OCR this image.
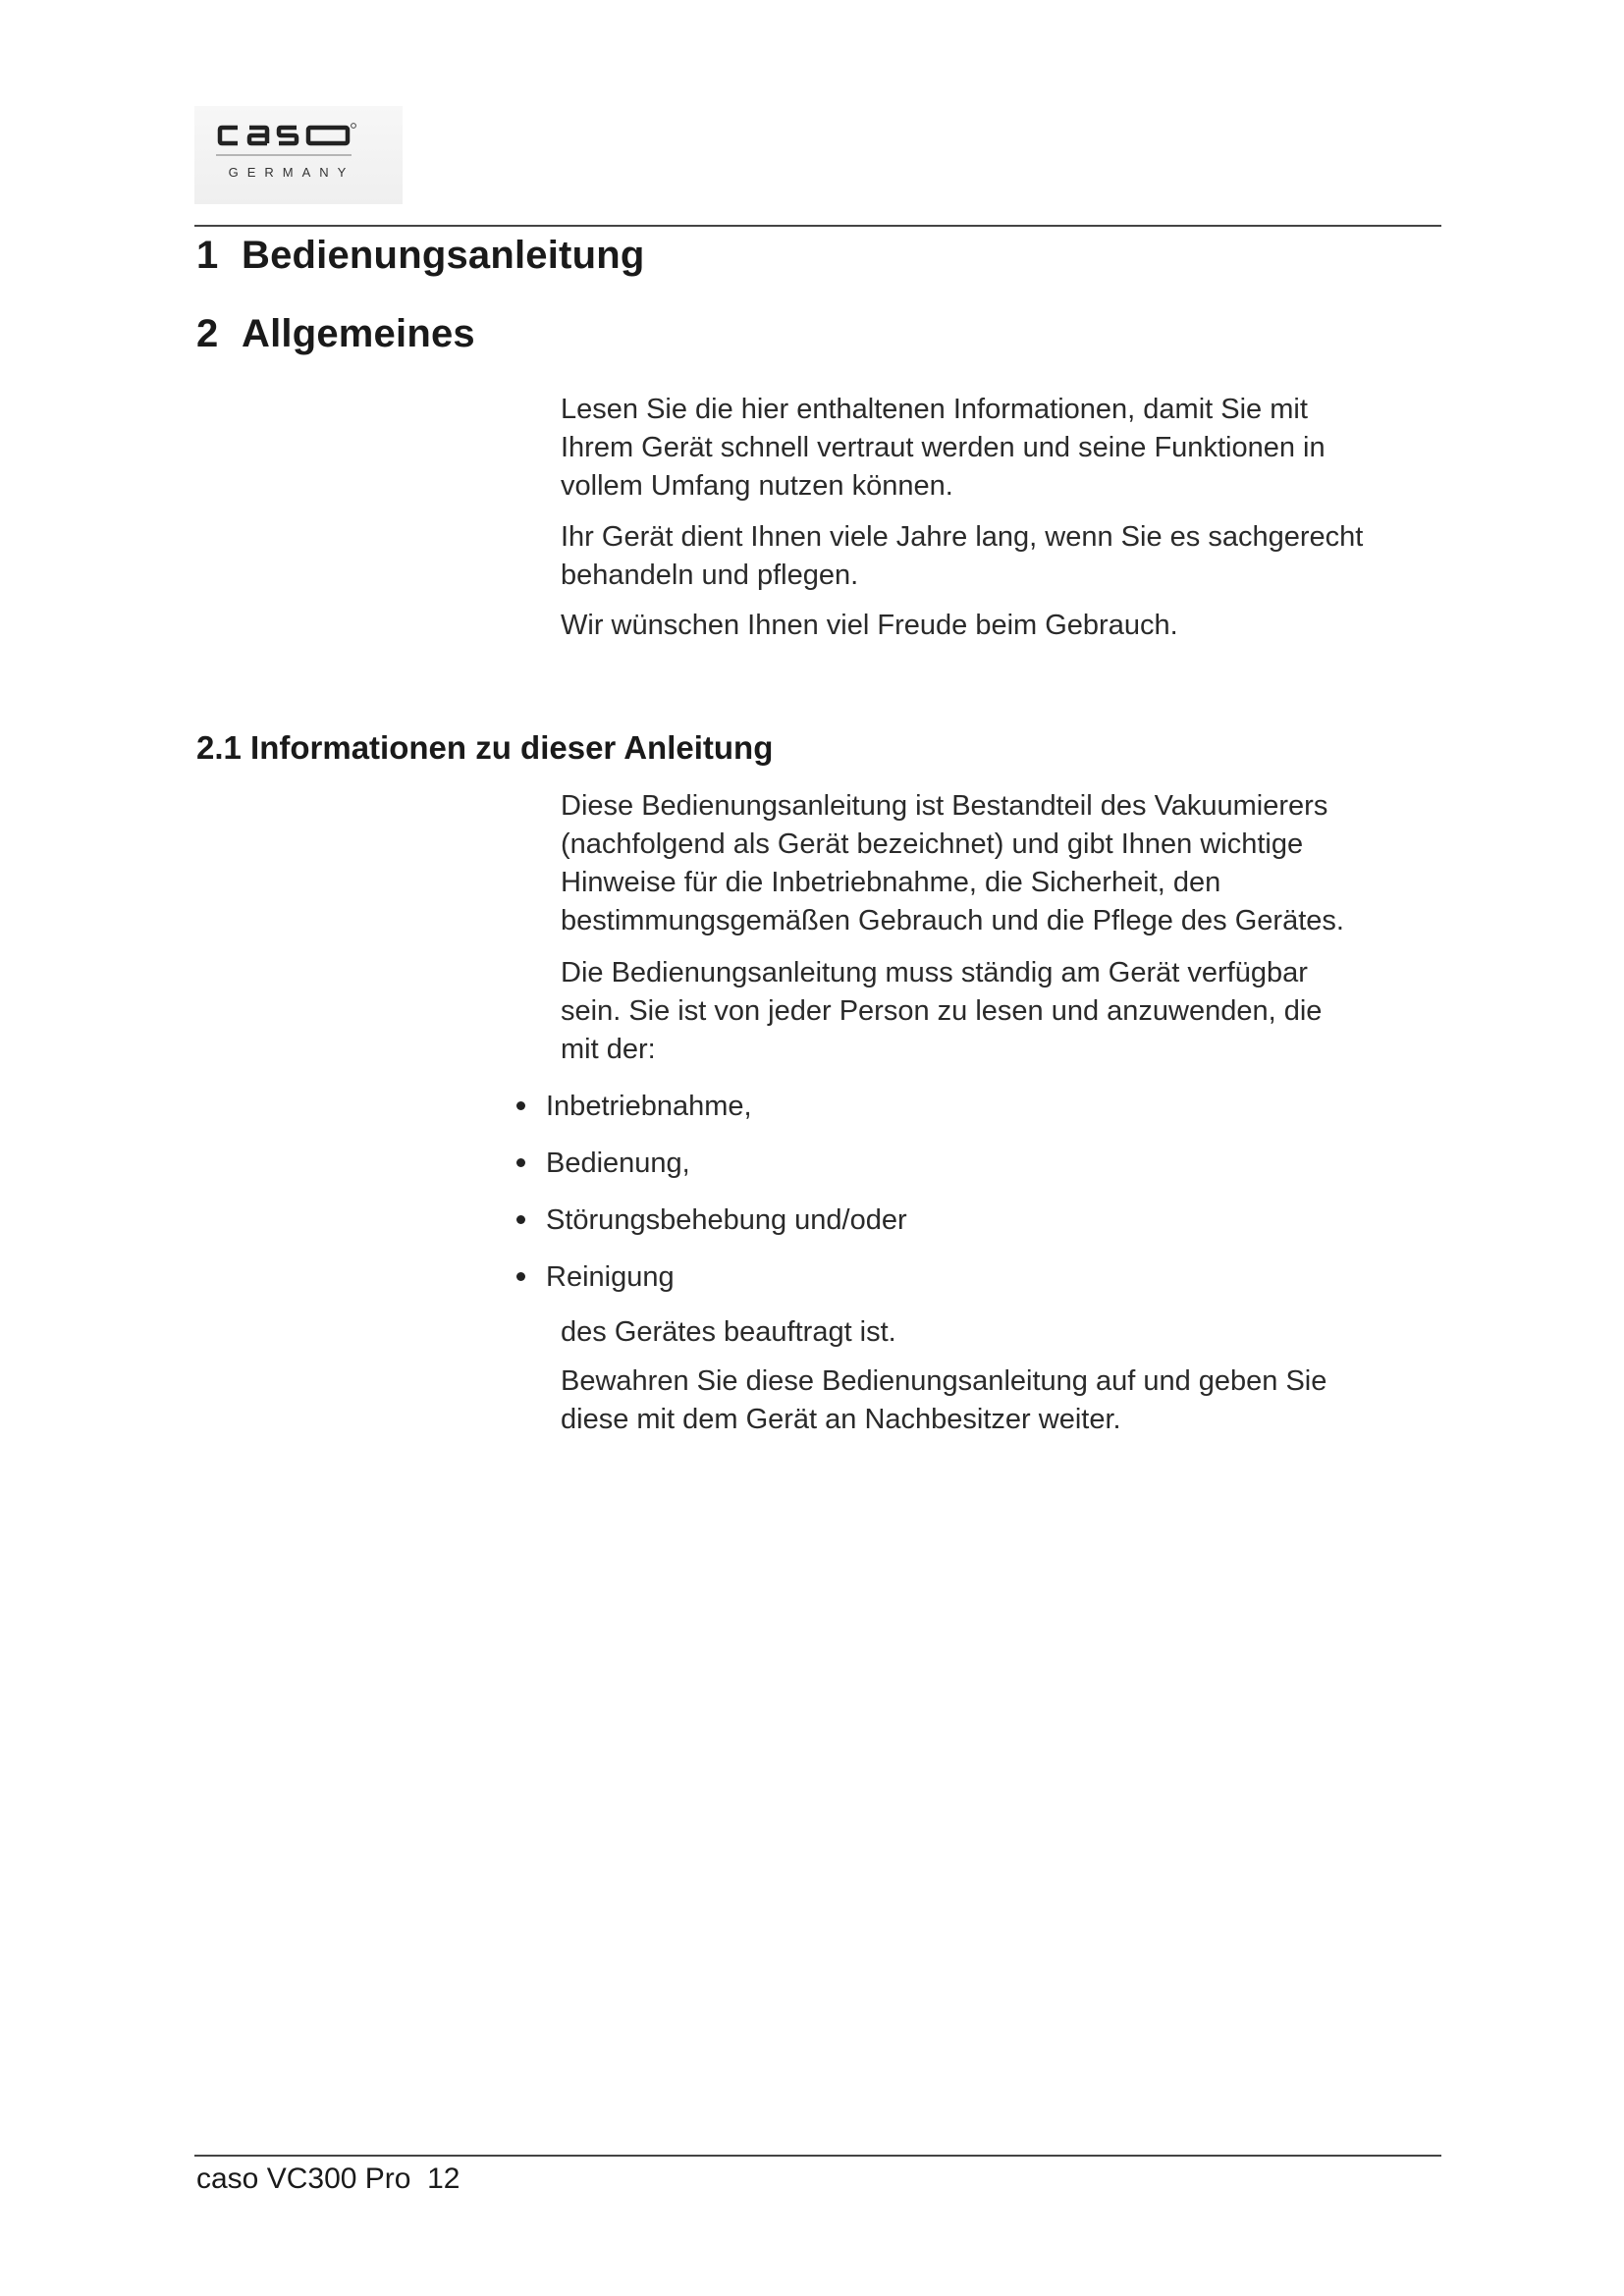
GERMANY
1 Bedienungsanleitung
2 Allgemeines

Lesen Sie die hier enthaltenen Informationen, damit Sie mit
Ihrem Gerät schnell vertraut werden und seine Funktionen in
vollem Umfang nutzen können.

Ihr Gerät dient Ihnen viele Jahre lang, wenn Sie es sachgerecht
behandeln und pflegen.

Wir wünschen Ihnen viel Freude beim Gebrauch.

2.1 Informationen zu dieser Anleitung

Diese Bedienungsanleitung ist Bestandteil des Vakuumierers
(nachfolgend als Gerät bezeichnet) und gibt Ihnen wichtige
Hinweise für die Inbetriebnahme, die Sicherheit, den
bestimmungsgemäßen Gebrauch und die Pflege des Gerätes.

Die Bedienungsanleitung muss ständig am Gerät verfügbar
sein. Sie ist von jeder Person zu lesen und anzuwenden, die
mit der:

Inbetriebnahme,
Bedienung,
Störungsbehebung und/oder
Reinigung

des Gerätes beauftragt ist.

Bewahren Sie diese Bedienungsanleitung auf und geben Sie
diese mit dem Gerät an Nachbesitzer weiter.

caso VC300 Pro 12
